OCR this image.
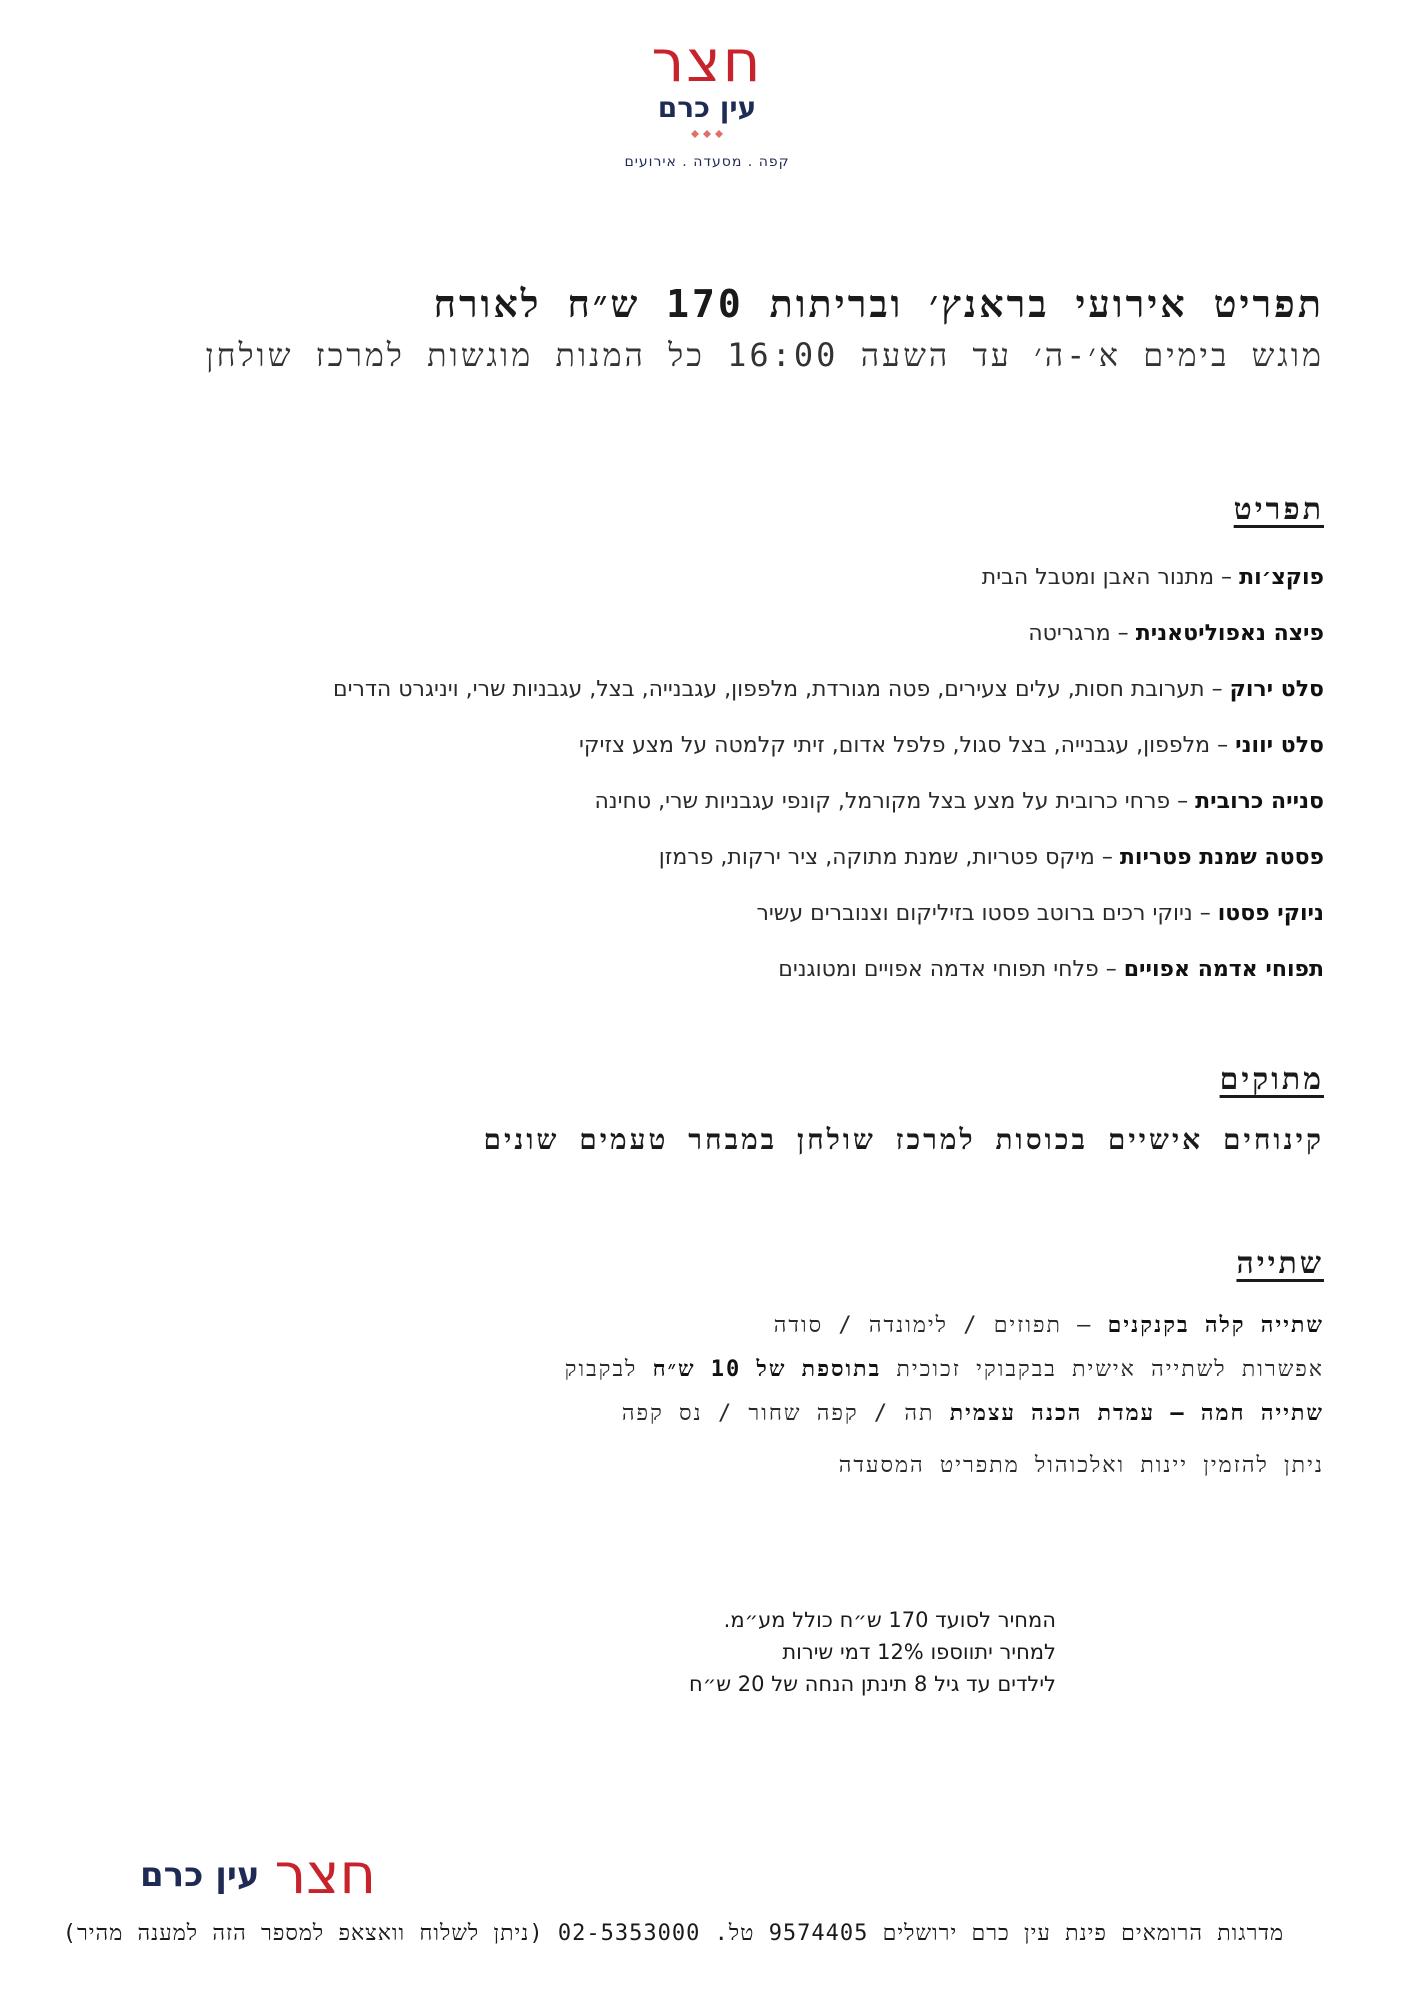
חצר
עין כרם
קפה . מסעדה . אירועים
תפריט אירועי בראנץ׳ ובריתות 170 ש״ח לאורח

מוגש בימים א׳-ה׳ עד השעה 16:00 כל המנות מוגשות למרכז שולחן

תפריט
פוקצ׳ות – מתנור האבן ומטבל הבית
פיצה נאפוליטאנית – מרגריטה
סלט ירוק – תערובת חסות, עלים צעירים, פטה מגורדת, מלפפון, עגבנייה, בצל, עגבניות שרי, ויניגרט הדרים
סלט יווני – מלפפון, עגבנייה, בצל סגול, פלפל אדום, זיתי קלמטה על מצע צזיקי
סנייה כרובית – פרחי כרובית על מצע בצל מקורמל, קונפי עגבניות שרי, טחינה
פסטה שמנת פטריות – מיקס פטריות, שמנת מתוקה, ציר ירקות, פרמזן
ניוקי פסטו – ניוקי רכים ברוטב פסטו בזיליקום וצנוברים עשיר
תפוחי אדמה אפויים – פלחי תפוחי אדמה אפויים ומטוגנים
מתוקים

קינוחים אישיים בכוסות למרכז שולחן במבחר טעמים שונים

שתייה
שתייה קלה בקנקנים – תפוזים / לימונדה / סודה
אפשרות לשתייה אישית בבקבוקי זכוכית בתוספת של 10 ש״ח לבקבוק
שתייה חמה – עמדת הכנה עצמית תה / קפה שחור / נס קפה
ניתן להזמין יינות ואלכוהול מתפריט המסעדה
המחיר לסועד 170 ש״ח כולל מע״מ.
למחיר יתווספו 12% דמי שירות
לילדים עד גיל 8 תינתן הנחה של 20 ש״ח
חצר עין כרם
מדרגות הרומאים פינת עין כרם ירושלים 9574405 טל. 02-5353000 (ניתן לשלוח וואצאפ למספר הזה למענה מהיר)
